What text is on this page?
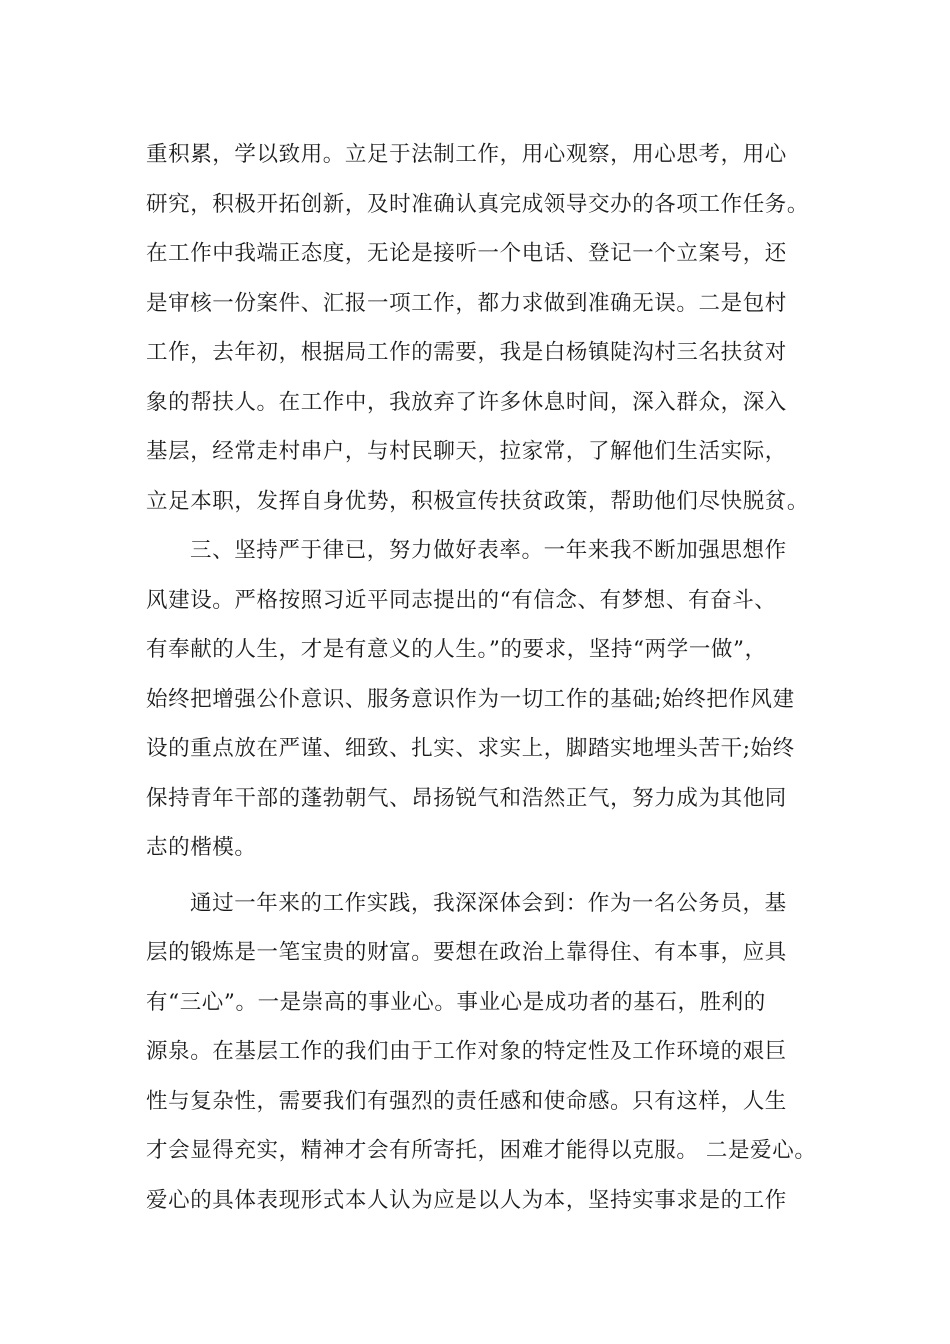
重积累，学以致用。立足于法制工作，用心观察，用心思考，用心
研究，积极开拓创新，及时准确认真完成领导交办的各项工作任务。
在工作中我端正态度，无论是接听一个电话、登记一个立案号，还
是审核一份案件、汇报一项工作，都力求做到准确无误。二是包村
工作，去年初，根据局工作的需要，我是白杨镇陡沟村三名扶贫对
象的帮扶人。在工作中，我放弃了许多休息时间，深入群众，深入
基层，经常走村串户，与村民聊天，拉家常，了解他们生活实际，
立足本职，发挥自身优势，积极宣传扶贫政策，帮助他们尽快脱贫。
三、坚持严于律已，努力做好表率。一年来我不断加强思想作
风建设。严格按照习近平同志提出的“有信念、有梦想、有奋斗、
有奉献的人生，才是有意义的人生。”的要求，坚持“两学一做”，
始终把增强公仆意识、服务意识作为一切工作的基础;始终把作风建
设的重点放在严谨、细致、扎实、求实上，脚踏实地埋头苦干;始终
保持青年干部的蓬勃朝气、昂扬锐气和浩然正气，努力成为其他同
志的楷模。
通过一年来的工作实践，我深深体会到：作为一名公务员，基
层的锻炼是一笔宝贵的财富。要想在政治上靠得住、有本事，应具
有“三心”。一是崇高的事业心。事业心是成功者的基石，胜利的
源泉。在基层工作的我们由于工作对象的特定性及工作环境的艰巨
性与复杂性，需要我们有强烈的责任感和使命感。只有这样，人生
才会显得充实，精神才会有所寄托，困难才能得以克服。 二是爱心。
爱心的具体表现形式本人认为应是以人为本，坚持实事求是的工作
